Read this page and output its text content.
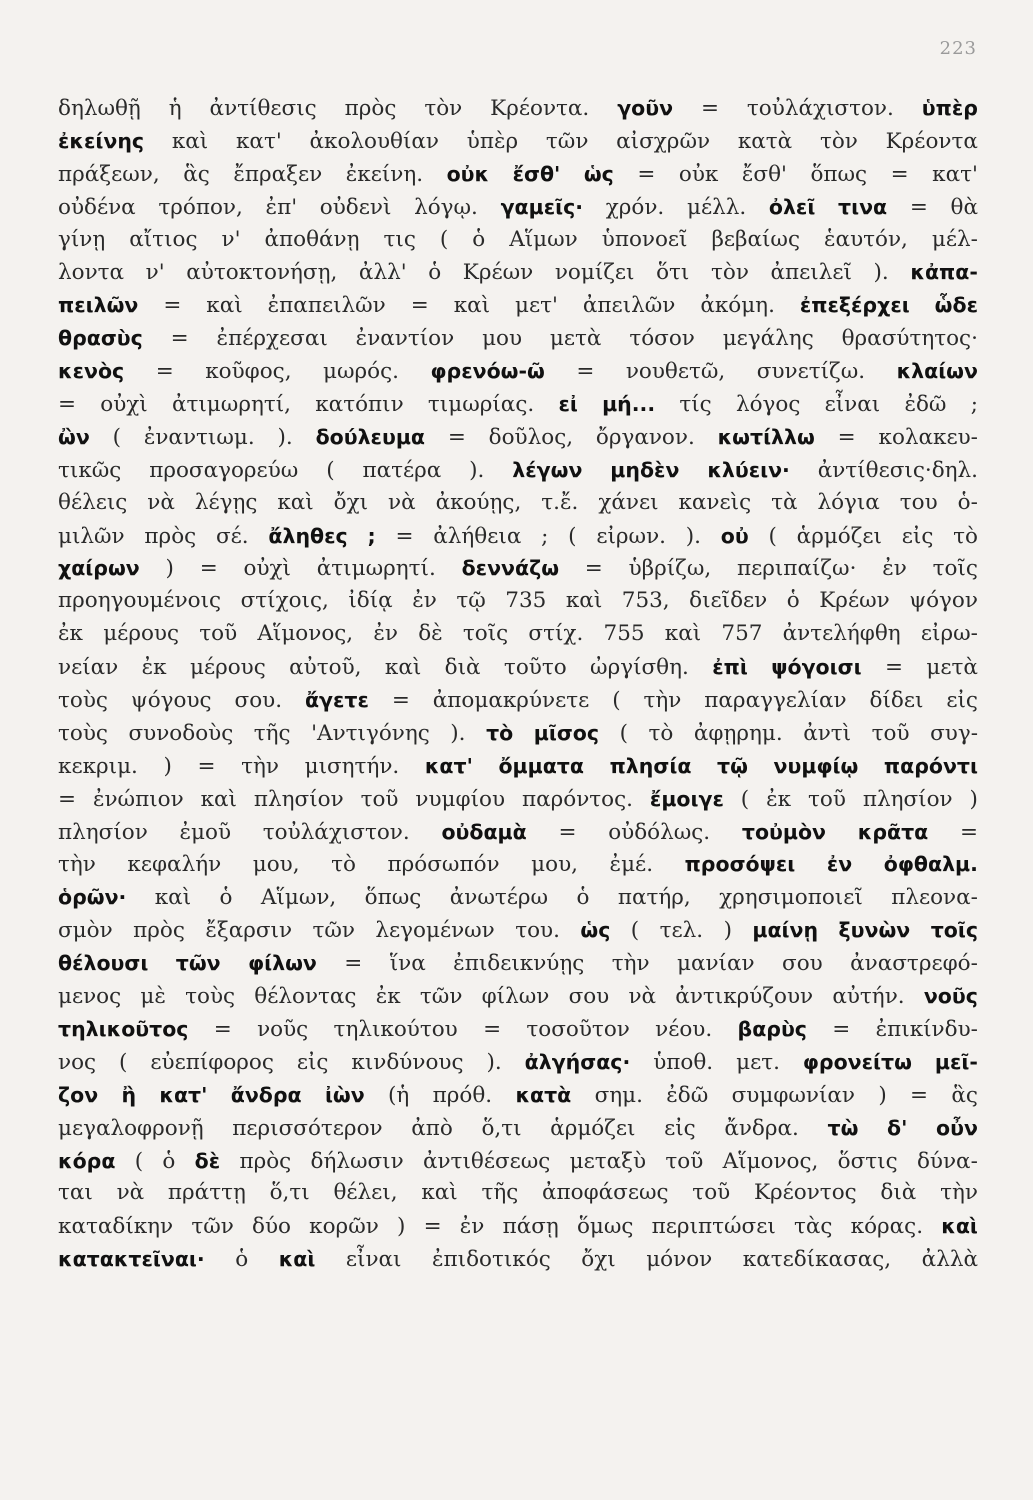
223
δηλωθῇ ἡ ἀντίθεσις πρὸς τὸν Κρέοντα. γοῦν = τοὐλάχιστον. ὑπὲρ
ἐκείνης καὶ κατ' ἀκολουθίαν ὑπὲρ τῶν αἰσχρῶν κατὰ τὸν Κρέοντα
πράξεων, ἃς ἔπραξεν ἐκείνη. οὐκ ἔσθ' ὡς = οὐκ ἔσθ' ὅπως = κατ'
οὐδένα τρόπον, ἐπ' οὐδενὶ λόγῳ. γαμεῖς· χρόν. μέλλ. ὀλεῖ τινα = θὰ
γίνῃ αἴτιος ν' ἀποθάνῃ τις ( ὁ Αἵμων ὑπονοεῖ βεβαίως ἑαυτόν, μέλ-
λοντα ν' αὐτοκτονήσῃ, ἀλλ' ὁ Κρέων νομίζει ὅτι τὸν ἀπειλεῖ ). κἀπα-
πειλῶν = καὶ ἐπαπειλῶν = καὶ μετ' ἀπειλῶν ἀκόμη. ἐπεξέρχει ὧδε
θρασὺς = ἐπέρχεσαι ἐναντίον μου μετὰ τόσον μεγάλης θρασύτητος·
κενὸς = κοῦφος, μωρός. φρενόω-ῶ = νουθετῶ, συνετίζω. κλαίων
= οὐχὶ ἀτιμωρητί, κατόπιν τιμωρίας. εἰ μή... τίς λόγος εἶναι ἐδῶ ;
ὢν ( ἐναντιωμ. ). δούλευμα = δοῦλος, ὄργανον. κωτίλλω = κολακευ-
τικῶς προσαγορεύω ( πατέρα ). λέγων μηδὲν κλύειν· ἀντίθεσις·δηλ.
θέλεις νὰ λέγῃς καὶ ὄχι νὰ ἀκούῃς, τ.ἔ. χάνει κανεὶς τὰ λόγια του ὁ-
μιλῶν πρὸς σέ. ἄληθες ; = ἀλήθεια ; ( εἰρων. ). οὐ ( ἁρμόζει εἰς τὸ
χαίρων ) = οὐχὶ ἀτιμωρητί. δεννάζω = ὑβρίζω, περιπαίζω· ἐν τοῖς
προηγουμένοις στίχοις, ἰδίᾳ ἐν τῷ 735 καὶ 753, διεῖδεν ὁ Κρέων ψόγον
ἐκ μέρους τοῦ Αἵμονος, ἐν δὲ τοῖς στίχ. 755 καὶ 757 ἀντελήφθη εἰρω-
νείαν ἐκ μέρους αὐτοῦ, καὶ διὰ τοῦτο ὠργίσθη. ἐπὶ ψόγοισι = μετὰ
τοὺς ψόγους σου. ἄγετε = ἀπομακρύνετε ( τὴν παραγγελίαν δίδει εἰς
τοὺς συνοδοὺς τῆς 'Αντιγόνης ). τὸ μῖσος ( τὸ ἀφῃρημ. ἀντὶ τοῦ συγ-
κεκριμ. ) = τὴν μισητήν. κατ' ὄμματα πλησία τῷ νυμφίῳ παρόντι
= ἐνώπιον καὶ πλησίον τοῦ νυμφίου παρόντος. ἔμοιγε ( ἐκ τοῦ πλησίον )
πλησίον ἐμοῦ τοὐλάχιστον. οὐδαμὰ = οὐδόλως. τοὐμὸν κρᾶτα =
τὴν κεφαλήν μου, τὸ πρόσωπόν μου, ἐμέ. προσόψει ἐν ὀφθαλμ.
ὁρῶν· καὶ ὁ Αἵμων, ὅπως ἀνωτέρω ὁ πατήρ, χρησιμοποιεῖ πλεονα-
σμὸν πρὸς ἔξαρσιν τῶν λεγομένων του. ὡς ( τελ. ) μαίνῃ ξυνὼν τοῖς
θέλουσι τῶν φίλων = ἵνα ἐπιδεικνύῃς τὴν μανίαν σου ἀναστρεφό-
μενος μὲ τοὺς θέλοντας ἐκ τῶν φίλων σου νὰ ἀντικρύζουν αὐτήν. νοῦς
τηλικοῦτος = νοῦς τηλικούτου = τοσοῦτον νέου. βαρὺς = ἐπικίνδυ-
νος ( εὐεπίφορος εἰς κινδύνους ). ἀλγήσας· ὑποθ. μετ. φρονείτω μεῖ-
ζον ἢ κατ' ἄνδρα ἰὼν (ἡ πρόθ. κατὰ σημ. ἐδῶ συμφωνίαν ) = ἃς
μεγαλοφρονῇ περισσότερον ἀπὸ ὅ,τι ἁρμόζει εἰς ἄνδρα. τὼ δ' οὖν
κόρα ( ὁ δὲ πρὸς δήλωσιν ἀντιθέσεως μεταξὺ τοῦ Αἵμονος, ὅστις δύνα-
ται νὰ πράττῃ ὅ,τι θέλει, καὶ τῆς ἀποφάσεως τοῦ Κρέοντος διὰ τὴν
καταδίκην τῶν δύο κορῶν ) = ἐν πάσῃ ὅμως περιπτώσει τὰς κόρας. καὶ
κατακτεῖναι· ὁ καὶ εἶναι ἐπιδοτικός ὄχι μόνον κατεδίκασας, ἀλλὰ
